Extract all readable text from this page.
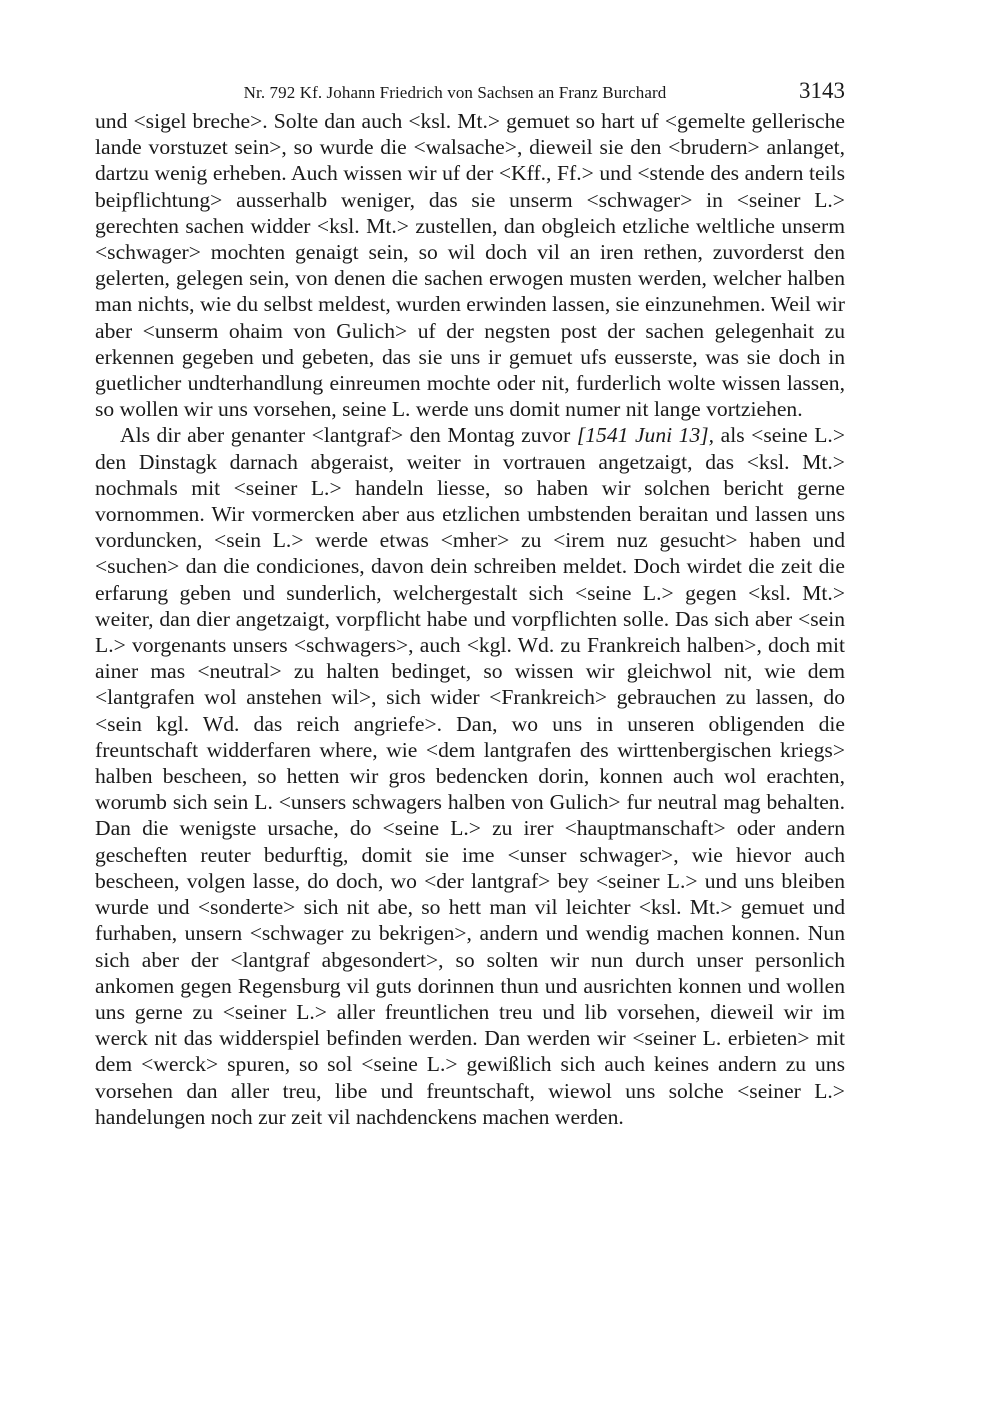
Nr. 792 Kf. Johann Friedrich von Sachsen an Franz Burchard	3143

und <sigel breche>. Solte dan auch <ksl. Mt.> gemuet so hart uf <gemelte gellerische lande vorstuzet sein>, so wurde die <walsache>, dieweil sie den <brudern> anlanget, dartzu wenig erheben. Auch wissen wir uf der <Kff., Ff.> und <stende des andern teils beipflichtung> ausserhalb weniger, das sie unserm <schwager> in <seiner L.> gerechten sachen widder <ksl. Mt.> zustellen, dan obgleich etzliche weltliche unserm <schwager> mochten genaigt sein, so wil doch vil an iren rethen, zuvorderst den gelerten, gelegen sein, von denen die sachen erwogen musten werden, welcher halben man nichts, wie du selbst meldest, wurden erwinden lassen, sie einzunehmen. Weil wir aber <unserm ohaim von Gulich> uf der negsten post der sachen gelegenhait zu erkennen gegeben und gebeten, das sie uns ir gemuet ufs eusserste, was sie doch in guetlicher undterhandlung einreumen mochte oder nit, furderlich wolte wissen lassen, so wollen wir uns vorsehen, seine L. werde uns domit numer nit lange vortziehen.

Als dir aber genanter <lantgraf> den Montag zuvor [1541 Juni 13], als <seine L.> den Dinstagk darnach abgeraist, weiter in vortrauen angetzaigt, das <ksl. Mt.> nochmals mit <seiner L.> handeln liesse, so haben wir solchen bericht gerne vornommen. Wir vormercken aber aus etzlichen umbstenden beraitan und lassen uns vorduncken, <sein L.> werde etwas <mher> zu <irem nuz gesucht> haben und <suchen> dan die condiciones, davon dein schreiben meldet. Doch wirdet die zeit die erfarung geben und sunderlich, welchergestalt sich <seine L.> gegen <ksl. Mt.> weiter, dan dier angetzaigt, vorpflicht habe und vorpflichten solle. Das sich aber <sein L.> vorgenants unsers <schwagers>, auch <kgl. Wd. zu Frankreich halben>, doch mit ainer mas <neutral> zu halten bedinget, so wissen wir gleichwol nit, wie dem <lantgrafen wol anstehen wil>, sich wider <Frankreich> gebrauchen zu lassen, do <sein kgl. Wd. das reich angriefe>. Dan, wo uns in unseren obligenden die freuntschaft widderfaren where, wie <dem lantgrafen des wirttenbergischen kriegs> halben bescheen, so hetten wir gros bedencken dorin, konnen auch wol erachten, worumb sich sein L. <unsers schwagers halben von Gulich> fur neutral mag behalten. Dan die wenigste ursache, do <seine L.> zu irer <hauptmanschaft> oder andern gescheften reuter bedurftig, domit sie ime <unser schwager>, wie hievor auch bescheen, volgen lasse, do doch, wo <der lantgraf> bey <seiner L.> und uns bleiben wurde und <sonderte> sich nit abe, so hett man vil leichter <ksl. Mt.> gemuet und furhaben, unsern <schwager zu bekrigen>, andern und wendig machen konnen. Nun sich aber der <lantgraf abgesondert>, so solten wir nun durch unser personlich ankomen gegen Regensburg vil guts dorinnen thun und ausrichten konnen und wollen uns gerne zu <seiner L.> aller freuntlichen treu und lib vorsehen, dieweil wir im werck nit das widderspiel befinden werden. Dan werden wir <seiner L. erbieten> mit dem <werck> spuren, so sol <seine L.> gewißlich sich auch keines andern zu uns vorsehen dan aller treu, libe und freuntschaft, wiewol uns solche <seiner L.> handelungen noch zur zeit vil nachdenckens machen werden.
